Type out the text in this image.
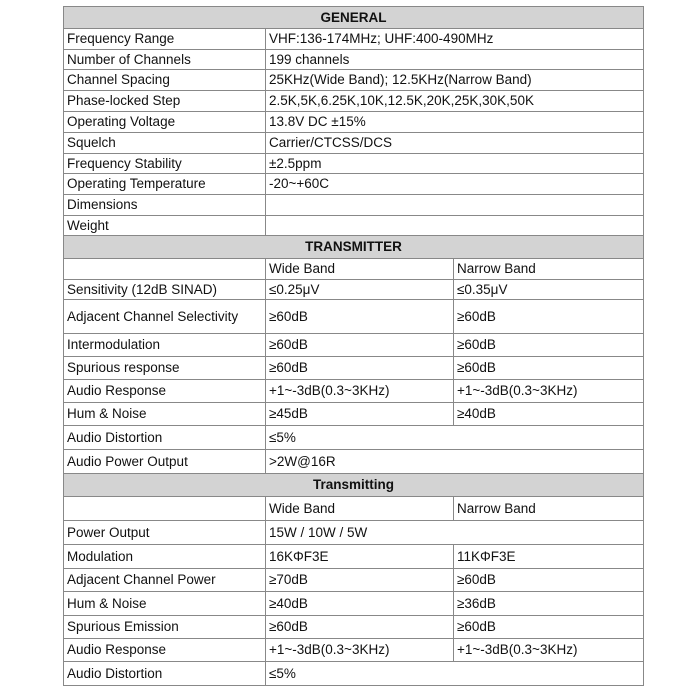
GENERAL		
Frequency Range	VHF:136-174MHz; UHF:400-490MHz	
Number of Channels	199 channels	
Channel Spacing	25KHz(Wide Band); 12.5KHz(Narrow Band)	
Phase-locked Step	2.5K,5K,6.25K,10K,12.5K,20K,25K,30K,50K	
Operating Voltage	13.8V DC ±15%	
Squelch	Carrier/CTCSS/DCS	
Frequency Stability	±2.5ppm	
Operating Temperature	-20~+60C	
Dimensions		
Weight		
TRANSMITTER		
	Wide Band	Narrow Band
Sensitivity (12dB SINAD)	≤0.25μV	≤0.35μV
Adjacent Channel Selectivity	≥60dB	≥60dB
Intermodulation	≥60dB	≥60dB
Spurious response	≥60dB	≥60dB
Audio Response	+1~-3dB(0.3~3KHz)	+1~-3dB(0.3~3KHz)
Hum & Noise	≥45dB	≥40dB
Audio Distortion	≤5%	
Audio Power Output	>2W@16R	
Transmitting		
	Wide Band	Narrow Band
Power Output	15W / 10W / 5W	
Modulation	16KΦF3E	11KΦF3E
Adjacent Channel Power	≥70dB	≥60dB
Hum & Noise	≥40dB	≥36dB
Spurious Emission	≥60dB	≥60dB
Audio Response	+1~-3dB(0.3~3KHz)	+1~-3dB(0.3~3KHz)
Audio Distortion	≤5%	
